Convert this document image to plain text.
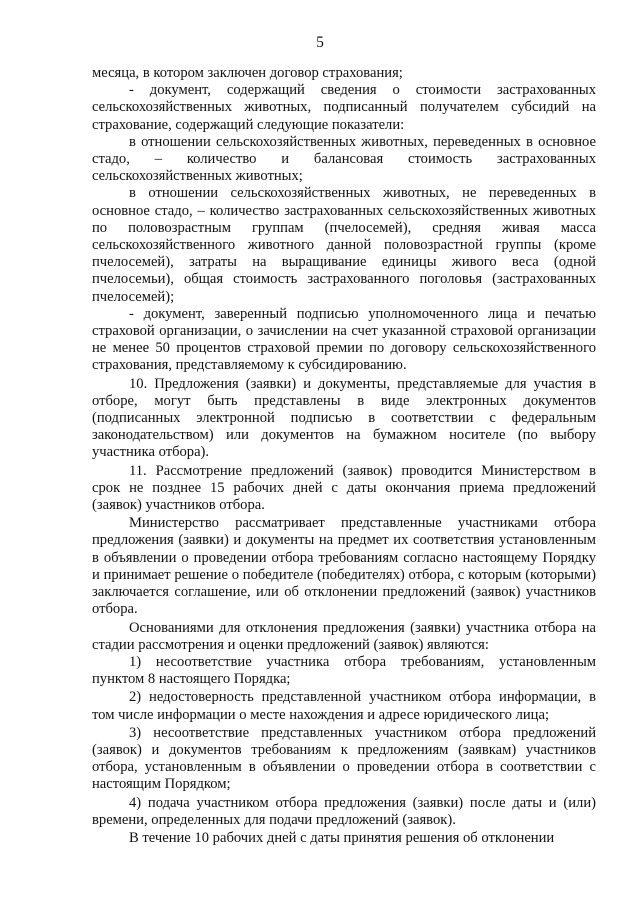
5

месяца, в котором заключен договор страхования;

- документ, содержащий сведения о стоимости застрахованных сельскохозяйственных животных, подписанный получателем субсидий на страхование, содержащий следующие показатели:

в отношении сельскохозяйственных животных, переведенных в основное стадо, – количество и балансовая стоимость застрахованных сельскохозяйственных животных;

в отношении сельскохозяйственных животных, не переведенных в основное стадо, – количество застрахованных сельскохозяйственных животных по половозрастным группам (пчелосемей), средняя живая масса сельскохозяйственного животного данной половозрастной группы (кроме пчелосемей), затраты на выращивание единицы живого веса (одной пчелосемьи), общая стоимость застрахованного поголовья (застрахованных пчелосемей);

- документ, заверенный подписью уполномоченного лица и печатью страховой организации, о зачислении на счет указанной страховой организации не менее 50 процентов страховой премии по договору сельскохозяйственного страхования, представляемому к субсидированию.

10. Предложения (заявки) и документы, представляемые для участия в отборе, могут быть представлены в виде электронных документов (подписанных электронной подписью в соответствии с федеральным законодательством) или документов на бумажном носителе (по выбору участника отбора).

11. Рассмотрение предложений (заявок) проводится Министерством в срок не позднее 15 рабочих дней с даты окончания приема предложений (заявок) участников отбора.

Министерство рассматривает представленные участниками отбора предложения (заявки) и документы на предмет их соответствия установленным в объявлении о проведении отбора требованиям согласно настоящему Порядку и принимает решение о победителе (победителях) отбора, с которым (которыми) заключается соглашение, или об отклонении предложений (заявок) участников отбора.

Основаниями для отклонения предложения (заявки) участника отбора на стадии рассмотрения и оценки предложений (заявок) являются:

1) несоответствие участника отбора требованиям, установленным пунктом 8 настоящего Порядка;

2) недостоверность представленной участником отбора информации, в том числе информации о месте нахождения и адресе юридического лица;

3) несоответствие представленных участником отбора предложений (заявок) и документов требованиям к предложениям (заявкам) участников отбора, установленным в объявлении о проведении отбора в соответствии с настоящим Порядком;

4) подача участником отбора предложения (заявки) после даты и (или) времени, определенных для подачи предложений (заявок).

В течение 10 рабочих дней с даты принятия решения об отклонении
